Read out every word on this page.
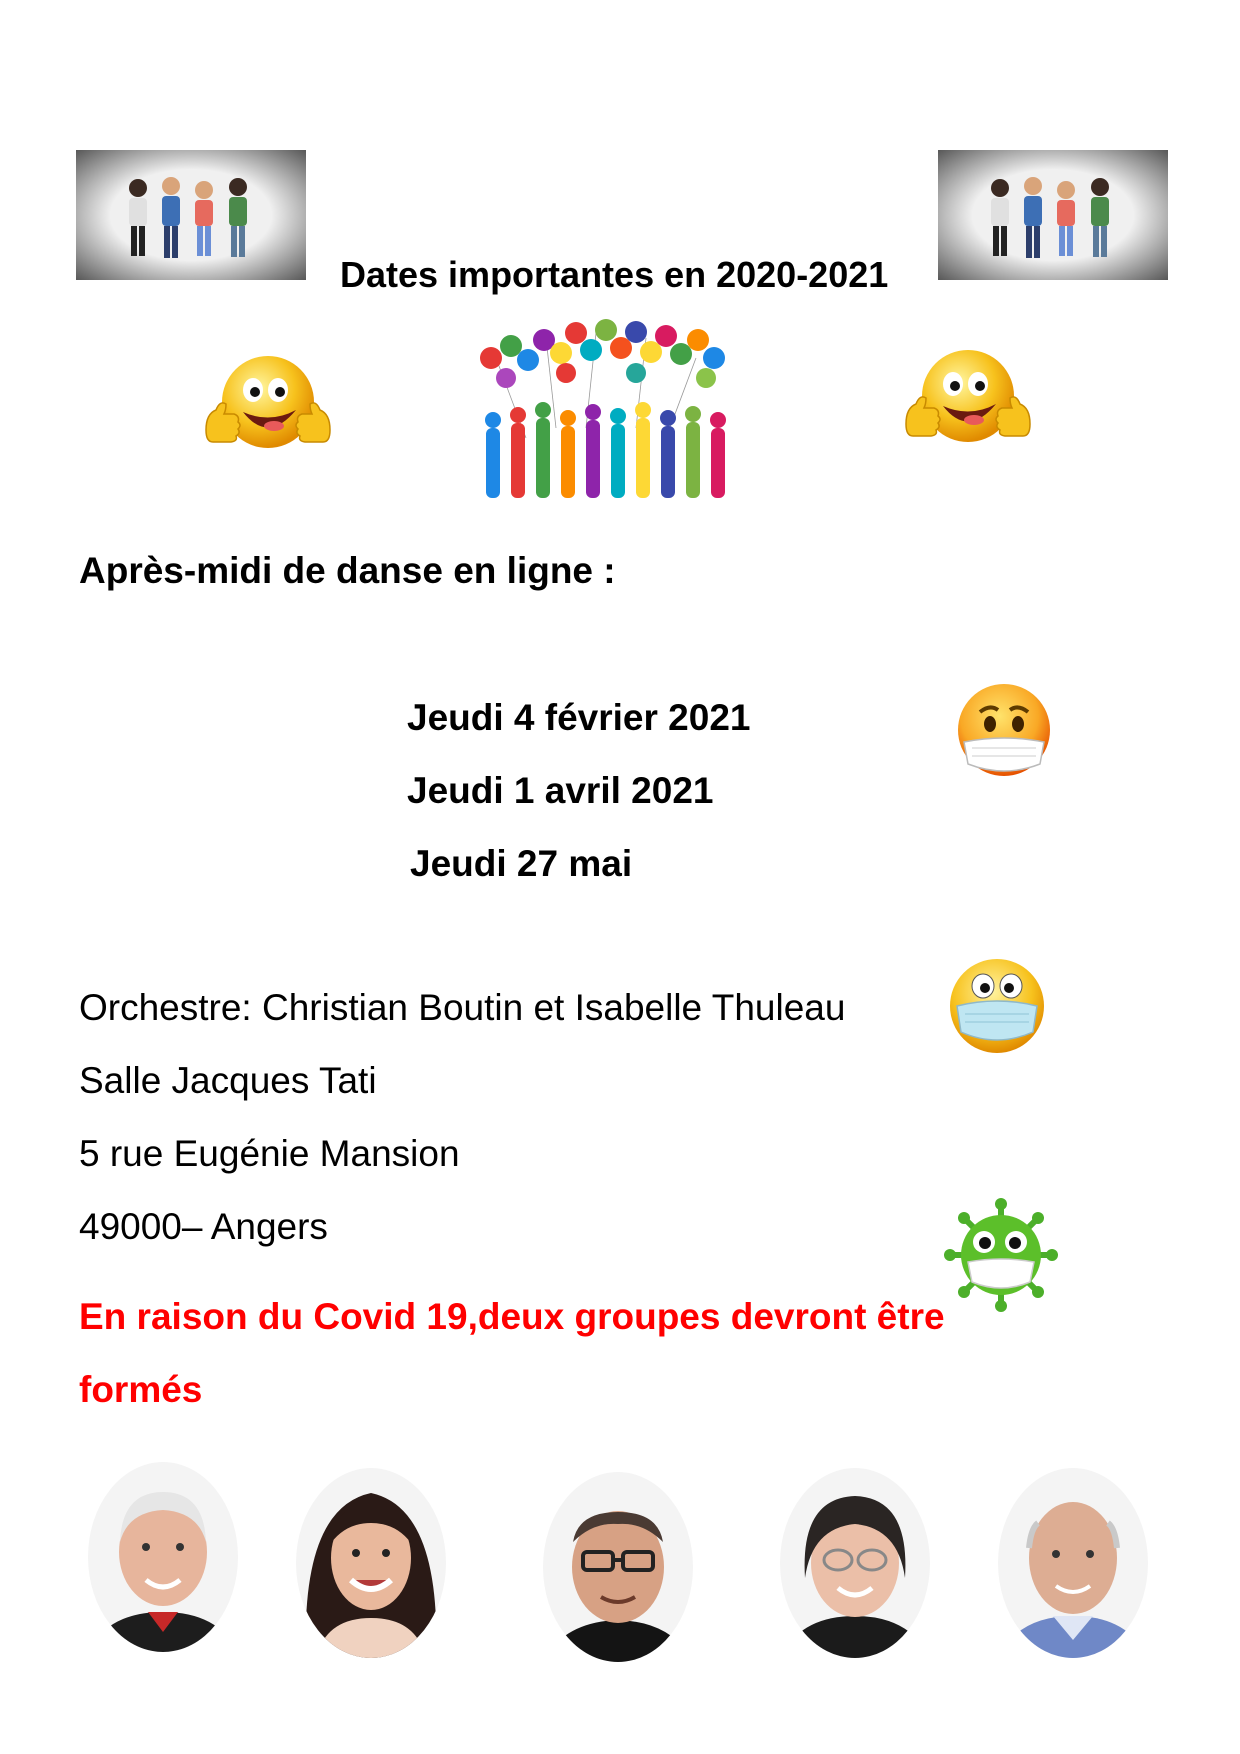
Dates importantes en 2020-2021
Après-midi de danse en ligne :
Jeudi 4 février 2021
Jeudi 1 avril 2021
Jeudi 27 mai
Orchestre: Christian Boutin et Isabelle Thuleau
Salle Jacques Tati
5 rue Eugénie Mansion
49000– Angers
En raison du Covid 19,deux groupes devront être
formés
